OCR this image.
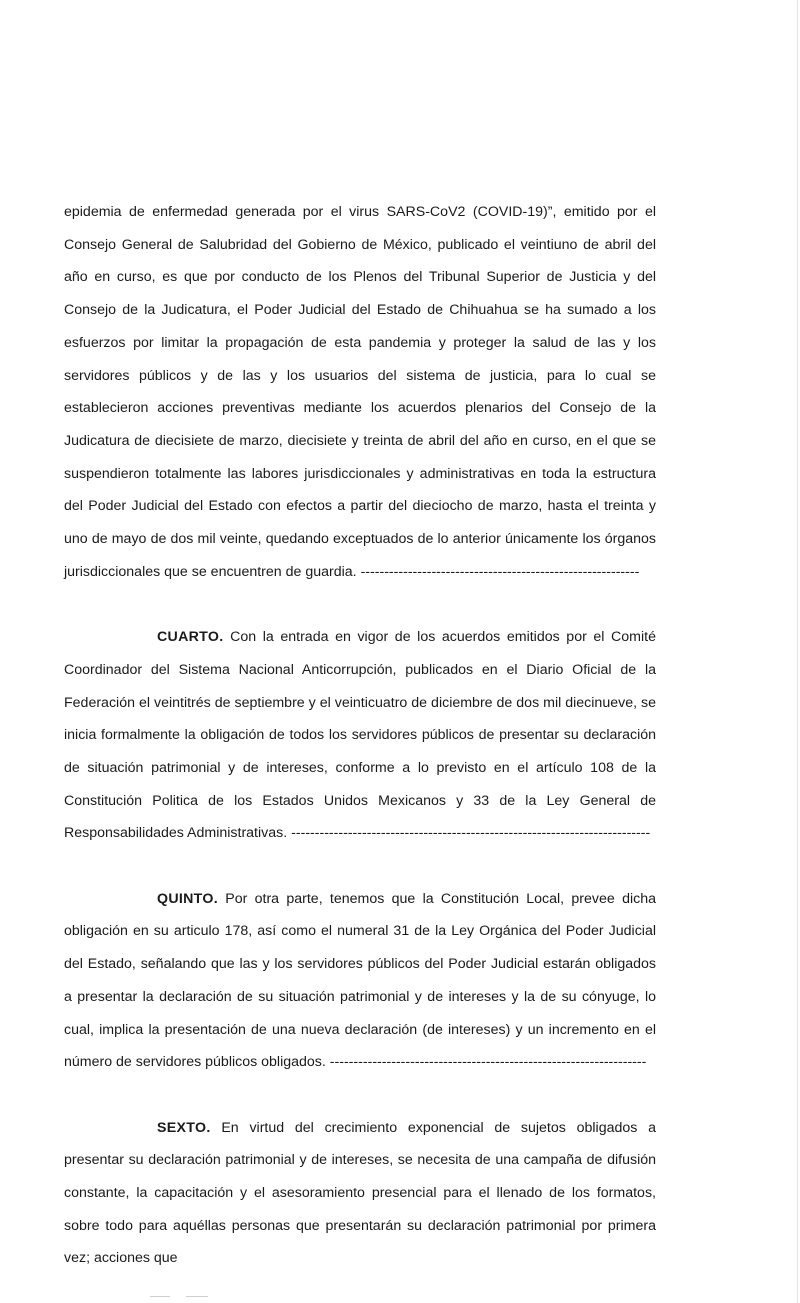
epidemia de enfermedad generada por el virus SARS-CoV2 (COVID-19)”, emitido por el Consejo General de Salubridad del Gobierno de México, publicado el veintiuno de abril del año en curso, es que por conducto de los Plenos del Tribunal Superior de Justicia y del Consejo de la Judicatura, el Poder Judicial del Estado de Chihuahua se ha sumado a los esfuerzos por limitar la propagación de esta pandemia y proteger la salud de las y los servidores públicos y de las y los usuarios del sistema de justicia, para lo cual se establecieron acciones preventivas mediante los acuerdos plenarios del Consejo de la Judicatura de diecisiete de marzo, diecisiete y treinta de abril del año en curso, en el que se suspendieron totalmente las labores jurisdiccionales y administrativas en toda la estructura del Poder Judicial del Estado con efectos a partir del dieciocho de marzo, hasta el treinta y uno de mayo de dos mil veinte, quedando exceptuados de lo anterior únicamente los órganos jurisdiccionales que se encuentren de guardia. -----------------------------------------------------------

CUARTO. Con la entrada en vigor de los acuerdos emitidos por el Comité Coordinador del Sistema Nacional Anticorrupción, publicados en el Diario Oficial de la Federación el veintitrés de septiembre y el veinticuatro de diciembre de dos mil diecinueve, se inicia formalmente la obligación de todos los servidores públicos de presentar su declaración de situación patrimonial y de intereses, conforme a lo previsto en el artículo 108 de la Constitución Politica de los Estados Unidos Mexicanos y 33 de la Ley General de Responsabilidades Administrativas. ----------------------------------------------------------------------------

QUINTO. Por otra parte, tenemos que la Constitución Local, prevee dicha obligación en su articulo 178, así como el numeral 31 de la Ley Orgánica del Poder Judicial del Estado, señalando que las y los servidores públicos del Poder Judicial estarán obligados a presentar la declaración de su situación patrimonial y de intereses y la de su cónyuge, lo cual, implica la presentación de una nueva declaración (de intereses) y un incremento en el número de servidores públicos obligados. -------------------------------------------------------------------

SEXTO. En virtud del crecimiento exponencial de sujetos obligados a presentar su declaración patrimonial y de intereses, se necesita de una campaña de difusión constante, la capacitación y el asesoramiento presencial para el llenado de los formatos, sobre todo para aquéllas personas que presentarán su declaración patrimonial por primera vez; acciones que
